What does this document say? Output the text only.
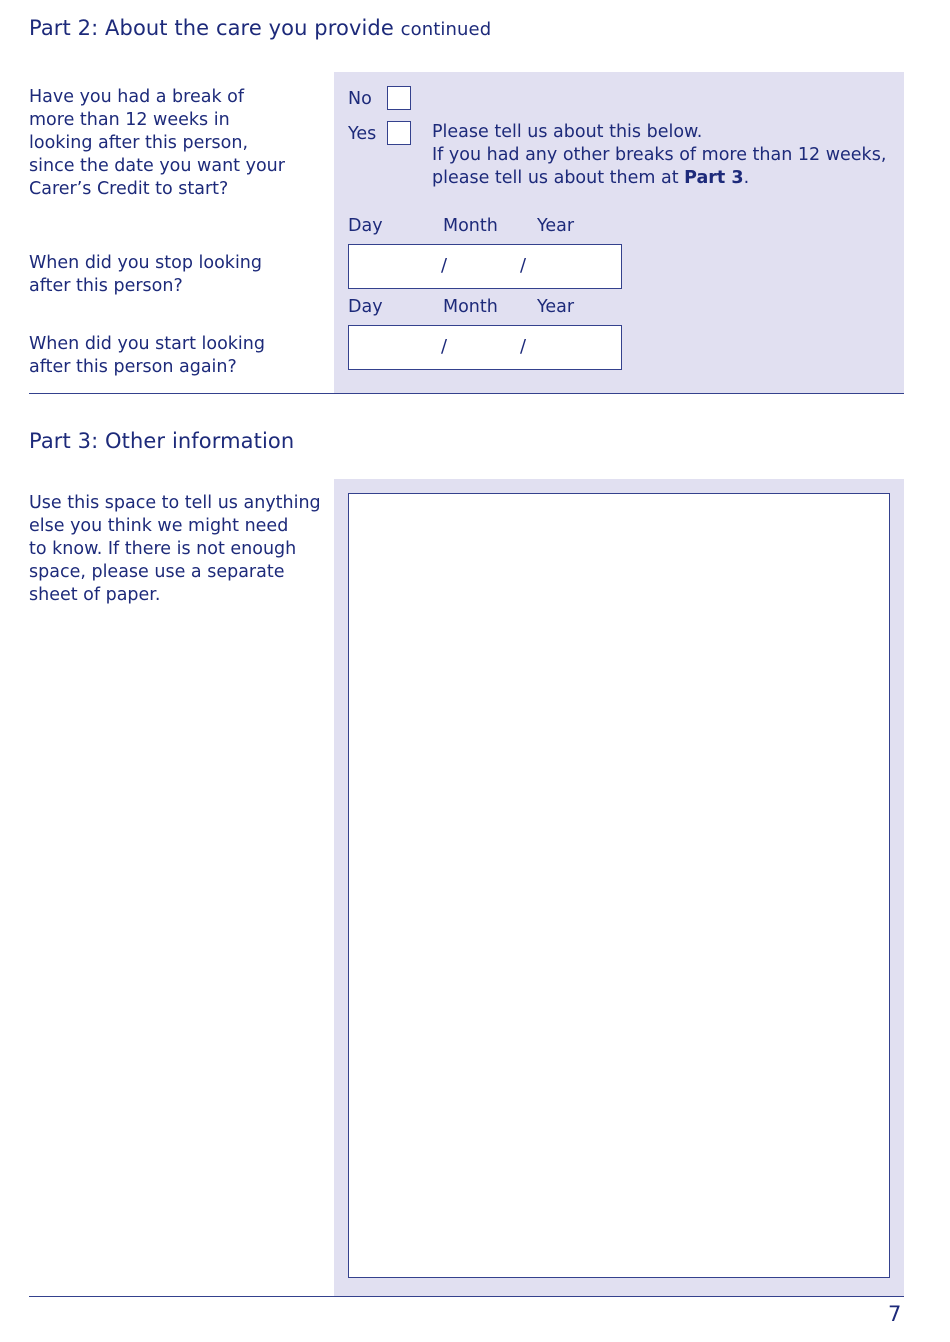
Part 2: About the care you provide continued
Have you had a break of
more than 12 weeks in
looking after this person,
since the date you want your
Carer’s Credit to start?
No
Yes	Please tell us about this below.
If you had any other breaks of more than 12 weeks,
please tell us about them at Part 3.
Day	Month Year
When did you stop looking
after this person?
/	/
Day	Month Year
When did you start looking
after this person again?
/	/
Part 3: Other information
Use this space to tell us anything
else you think we might need
to know. If there is not enough
space, please use a separate
sheet of paper.
7
